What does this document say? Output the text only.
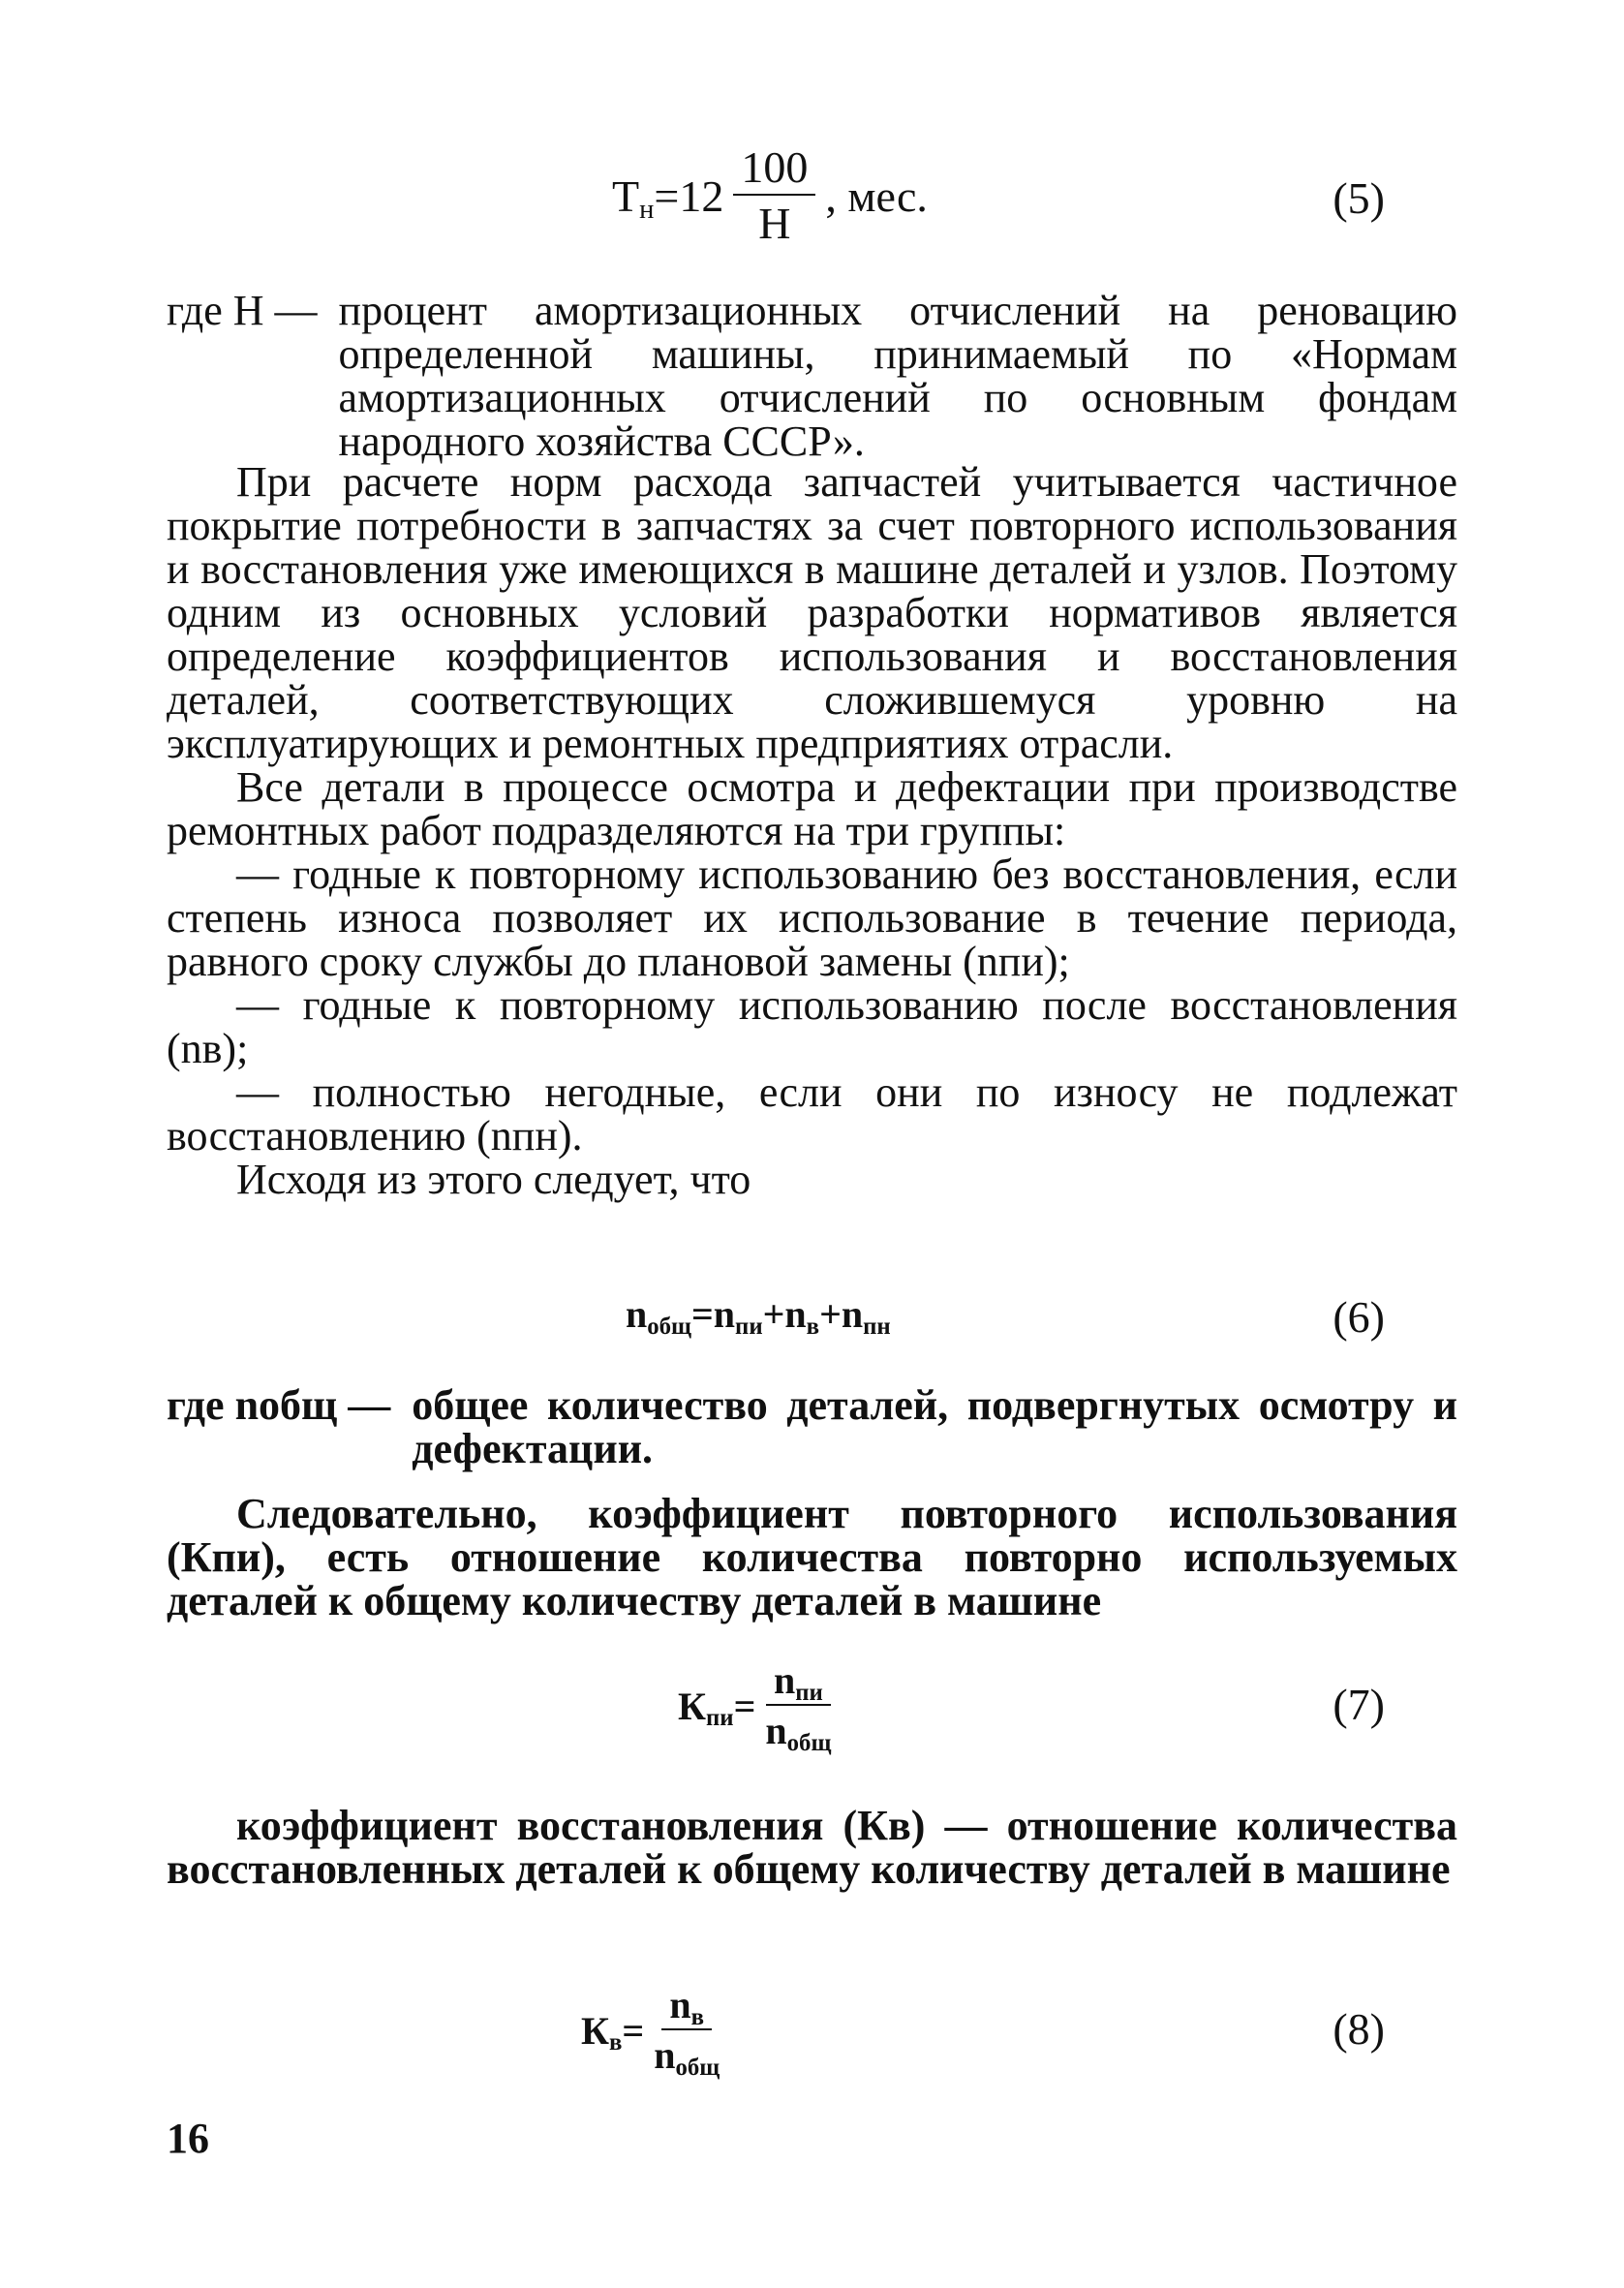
Тн $=12 \frac{100}{Н}$ , мес.	(5)
где Н — процент амортизационных отчислений на реновацию определенной машины, принимаемый по «Нормам амортизационных отчислений по основным фондам народного хозяйства СССР».

При расчете норм расхода запчастей учитывается частичное покрытие потребности в запчастях за счет повторного использования и восстановления уже имеющихся в машине деталей и узлов. Поэтому одним из основных условий разработки нормативов является определение коэффициентов использования и восстановления деталей, соответствующих сложившемуся уровню на эксплуатирующих и ремонтных предприятиях отрасли.

Все детали в процессе осмотра и дефектации при производстве ремонтных работ подразделяются на три группы:

— годные к повторному использованию без восстановления, если степень износа позволяет их использование в течение периода, равного сроку службы до плановой замены (nпи);

— годные к повторному использованию после восстановления (nв);

— полностью негодные, если они по износу не подлежат восстановлению (nпн).

Исходя из этого следует, что

nобщ = nпи + nв + nпн	(6)
где nобщ — общее количество деталей, подвергнутых осмотру и дефектации.

Следовательно, коэффициент повторного использования (Кпи), есть отношение количества повторно используемых деталей к общему количеству деталей в машине

Кпи = $\frac{\text{nпи}}{\text{nобщ}}$	(7)

коэффициент восстановления (Кв) — отношение количества восстановленных деталей к общему количеству деталей в машине

Кв = $\frac{nв}{\text{nобщ}}$	(8)
16
